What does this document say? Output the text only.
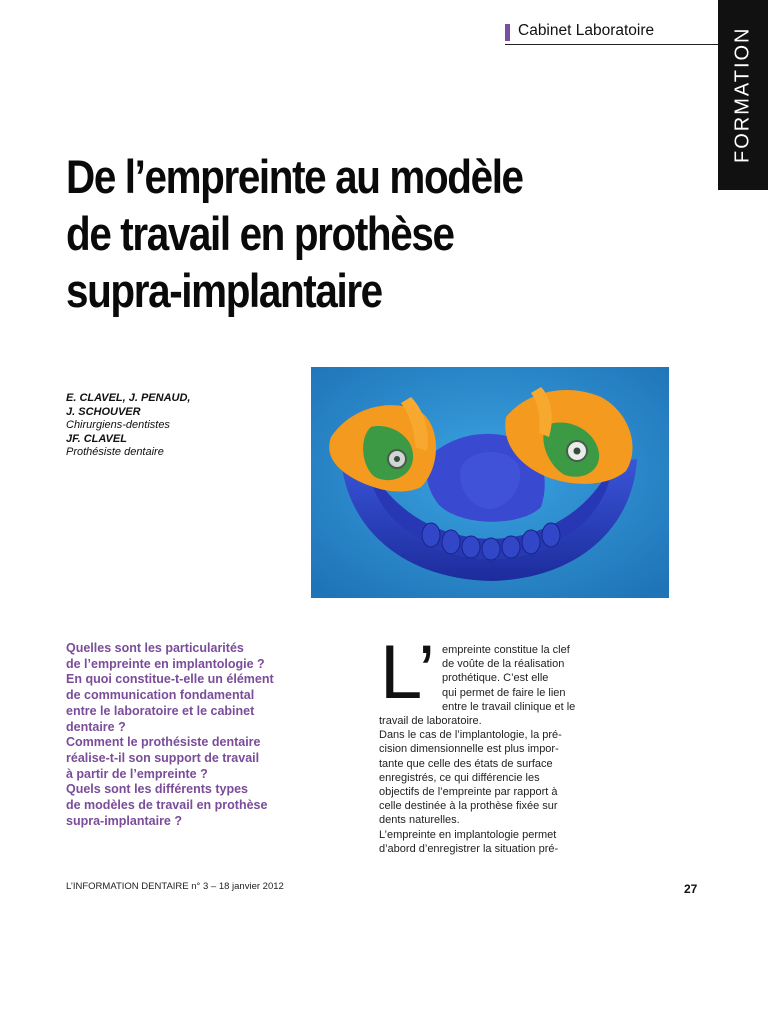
Cabinet Laboratoire	FORMATION
De l’empreinte au modèle
de travail en prothèse
supra-implantaire
E. CLAVEL, J. PENAUD,
J. SCHOUVER
Chirurgiens-dentistes
JF. CLAVEL
Prothésiste dentaire
Quelles sont les particularités
de l’empreinte en implantologie ?
En quoi constitue-t-elle un élément
de communication fondamental
entre le laboratoire et le cabinet
dentaire ?
Comment le prothésiste dentaire
réalise-t-il son support de travail
à partir de l’empreinte ?
Quels sont les différents types
de modèles de travail en prothèse
supra-implantaire ?
L’ empreinte constitue la clef
de voûte de la réalisation
prothétique. C’est elle
qui permet de faire le lien
entre le travail clinique et le
travail de laboratoire.
Dans le cas de l’implantologie, la pré-
cision dimensionnelle est plus impor-
tante que celle des états de surface
enregistrés, ce qui différencie les
objectifs de l’empreinte par rapport à
celle destinée à la prothèse fixée sur
dents naturelles.
L’empreinte en implantologie permet
d’abord d’enregistrer la situation pré-
L’INFORMATION DENTAIRE n° 3 – 18 janvier 2012	27
